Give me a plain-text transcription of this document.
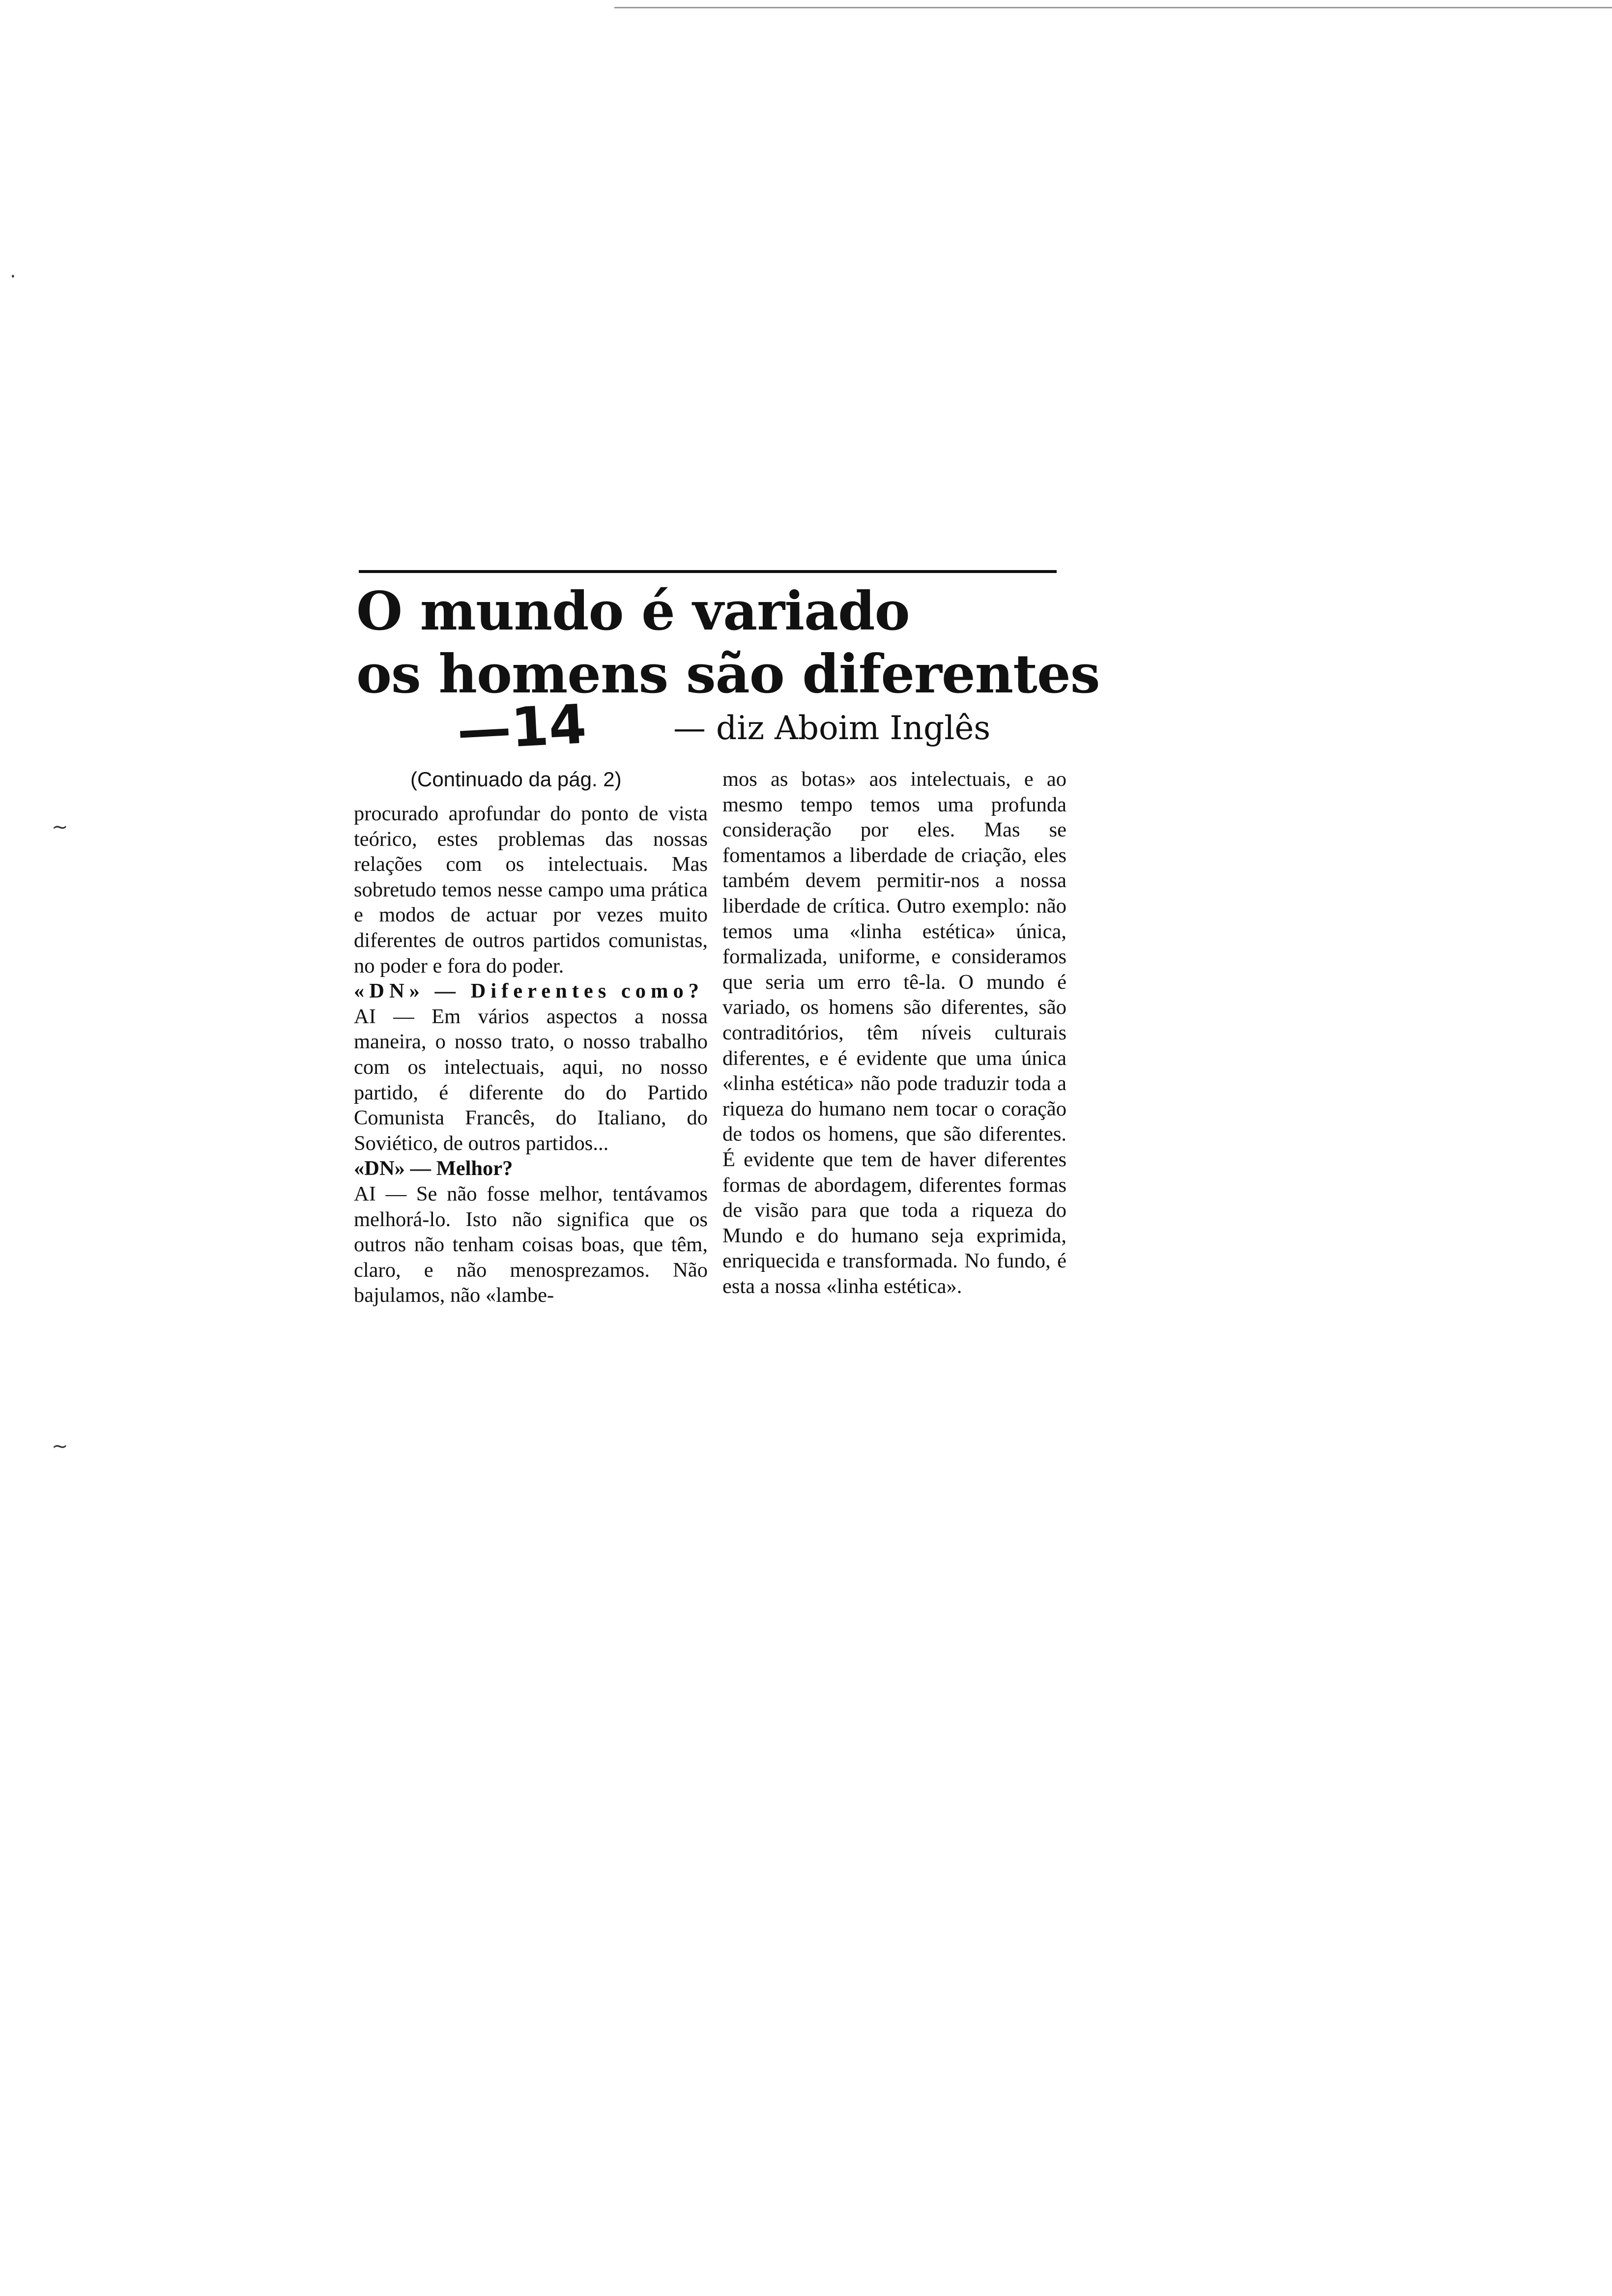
O mundo é variado
os homens são diferentes
—14	— diz Aboim Inglês
(Continuado da pág. 2)

procurado aprofundar do ponto de vista teórico, estes problemas das nossas relações com os intelectuais. Mas sobretudo temos nesse campo uma prática e modos de actuar por vezes muito diferentes de outros partidos comunistas, no poder e fora do poder.

«DN» — Diferentes como?

AI — Em vários aspectos a nossa maneira, o nosso trato, o nosso trabalho com os intelectuais, aqui, no nosso partido, é diferente do do Partido Comunista Francês, do Italiano, do Soviético, de outros partidos...

«DN» — Melhor?

AI — Se não fosse melhor, tentávamos melhorá-lo. Isto não significa que os outros não tenham coisas boas, que têm, claro, e não menosprezamos. Não bajulamos, não «lambe-

mos as botas» aos intelectuais, e ao mesmo tempo temos uma profunda consideração por eles. Mas se fomentamos a liberdade de criação, eles também devem permitir-nos a nossa liberdade de crítica. Outro exemplo: não temos uma «linha estética» única, formalizada, uniforme, e consideramos que seria um erro tê-la. O mundo é variado, os homens são diferentes, são contraditórios, têm níveis culturais diferentes, e é evidente que uma única «linha estética» não pode traduzir toda a riqueza do humano nem tocar o coração de todos os homens, que são diferentes. É evidente que tem de haver diferentes formas de abordagem, diferentes formas de visão para que toda a riqueza do Mundo e do humano seja exprimida, enriquecida e transformada. No fundo, é esta a nossa «linha estética».

·
~
~
